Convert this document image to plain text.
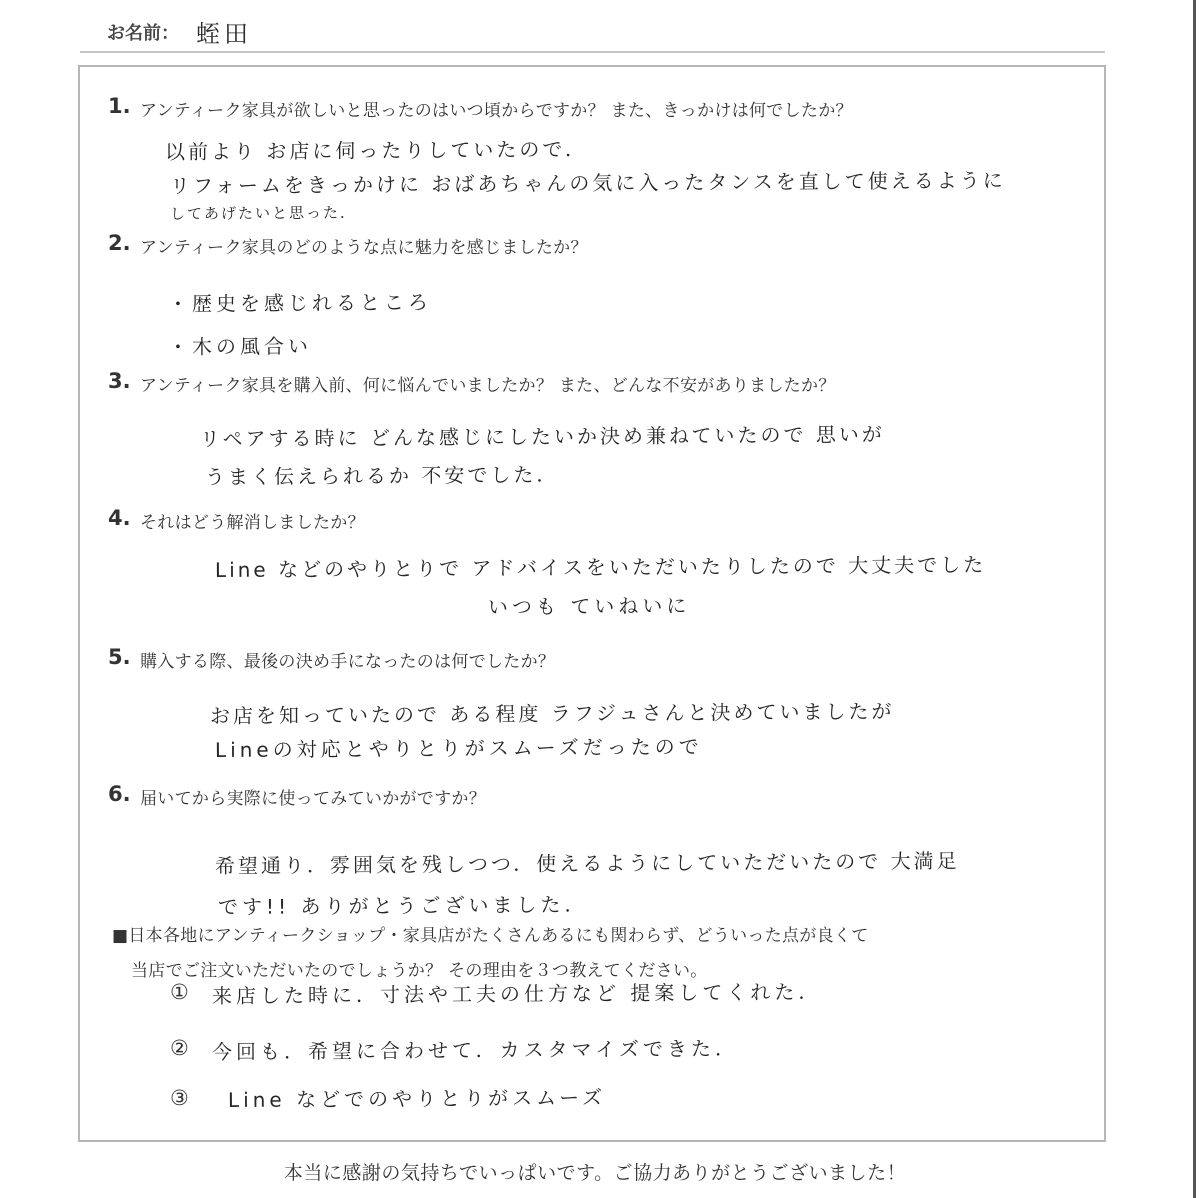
お名前： 蛭田
1. アンティーク家具が欲しいと思ったのはいつ頃からですか？ また、きっかけは何でしたか？
以前より お店に伺ったりしていたので．
リフォームをきっかけに おばあちゃんの気に入ったタンスを直して使えるように
してあげたいと思った．
2. アンティーク家具のどのような点に魅力を感じましたか？
・歴史を感じれるところ
・木の風合い
3. アンティーク家具を購入前、何に悩んでいましたか？ また、どんな不安がありましたか？
リペアする時に どんな感じにしたいか決め兼ねていたので 思いが
うまく伝えられるか 不安でした．
4. それはどう解消しましたか？
Line などのやりとりで アドバイスをいただいたりしたので 大丈夫でした
いつも ていねいに
5. 購入する際、最後の決め手になったのは何でしたか？
お店を知っていたので ある程度 ラフジュさんと決めていましたが
Lineの対応とやりとりがスムーズだったので
6. 届いてから実際に使ってみていかがですか？
希望通り．雰囲気を残しつつ．使えるようにしていただいたので 大満足
です!! ありがとうございました．
■日本各地にアンティークショップ・家具店がたくさんあるにも関わらず、どういった点が良くて
当店でご注文いただいたのでしょうか？ その理由を３つ教えてください。
① 来店した時に．寸法や工夫の仕方など 提案してくれた．
② 今回も．希望に合わせて．カスタマイズできた．
③ Line などでのやりとりがスムーズ
本当に感謝の気持ちでいっぱいです。ご協力ありがとうございました！
